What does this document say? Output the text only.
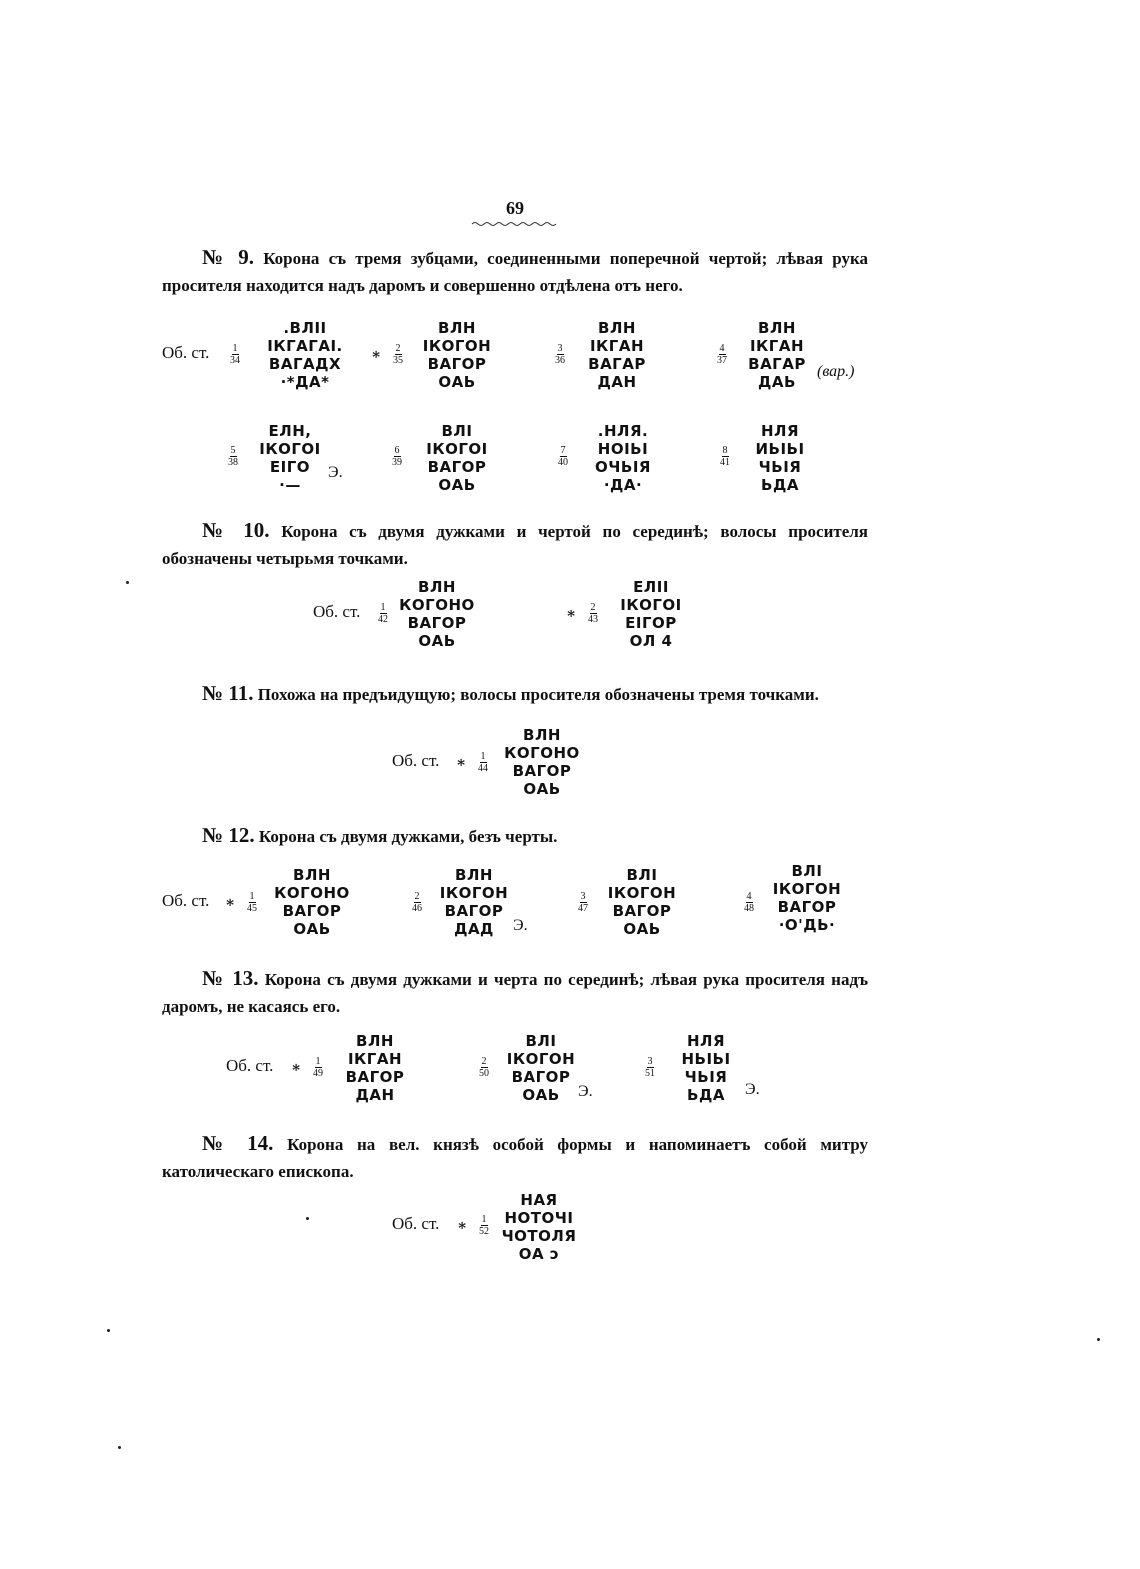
69
№ 9. Корона съ тремя зубцами, соединенными поперечной чертой; лѣвая рука просителя находится надъ даромъ и совершенно отдѣлена отъ него.
Об. ст. $\frac{1}{34}$
.ВЛІІ
ІКГАГАІ.
ВАГАДХ
·*ДА*
∗ $\frac{2}{35}$
ВЛН
ІКОГОН
ВАГОР
ОАЬ
$\frac{3}{36}$
ВЛН
ІКГАН
ВАГАР
ДАН
$\frac{4}{37}$
ВЛН
ІКГАН
ВАГАР
ДАЬ
(вар.)
$\frac{5}{38}$
ЕЛН,
ІКОГОІ
ЕІГО
·—
Э.
$\frac{6}{39}$
ВЛІ
ІКОГОІ
ВАГОР
ОАЬ
$\frac{7}{40}$
.НЛЯ.
НОІЬІ
ОЧЬІЯ
·ДА·
$\frac{8}{41}$
НЛЯ
ИЬІЬІ
ЧЬІЯ
ЬДА
№ 10. Корона съ двумя дужками и чертой по серединѣ; волосы просителя обозначены четырьмя точками.
Об. ст. $\frac{1}{42}$
ВЛН
КОГОНО
ВАГОР
ОАЬ
∗ $\frac{2}{43}$
ЕЛІІ
ІКОГОІ
ЕІГОР
ОЛ 4
№ 11. Похожа на предъидущую; волосы просителя обозначены тремя точками.
Об. ст. ∗ $\frac{1}{44}$
ВЛН
КОГОНО
ВАГОР
ОАЬ
№ 12. Корона съ двумя дужками, безъ черты.
Об. ст. ∗ $\frac{1}{45}$
ВЛН
КОГОНО
ВАГОР
ОАЬ
$\frac{2}{46}$
ВЛН
ІКОГОН
ВАГОР
ДАД Э.
$\frac{3}{47}$
ВЛІ
ІКОГОН
ВАГОР
ОАЬ
$\frac{4}{48}$
ВЛІ
ІКОГОН
ВАГОР
·О'ДЬ·
№ 13. Корона съ двумя дужками и черта по серединѣ; лѣвая рука просителя надъ даромъ, не касаясь его.
Об. ст. ∗ $\frac{1}{49}$
ВЛН
ІКГАН
ВАГОР
ДАН
$\frac{2}{50}$
ВЛІ
ІКОГОН
ВАГОР
ОАЬ Э.
$\frac{3}{51}$
НЛЯ
НЬІЬІ
ЧЬІЯ
ЬДА Э.
№ 14. Корона на вел. князѣ особой формы и напоминаетъ собой митру католическаго епископа.
Об. ст. ∗ $\frac{1}{52}$
НАЯ
НОТОЧІ
ЧОТОЛЯ
ОА ɔ
